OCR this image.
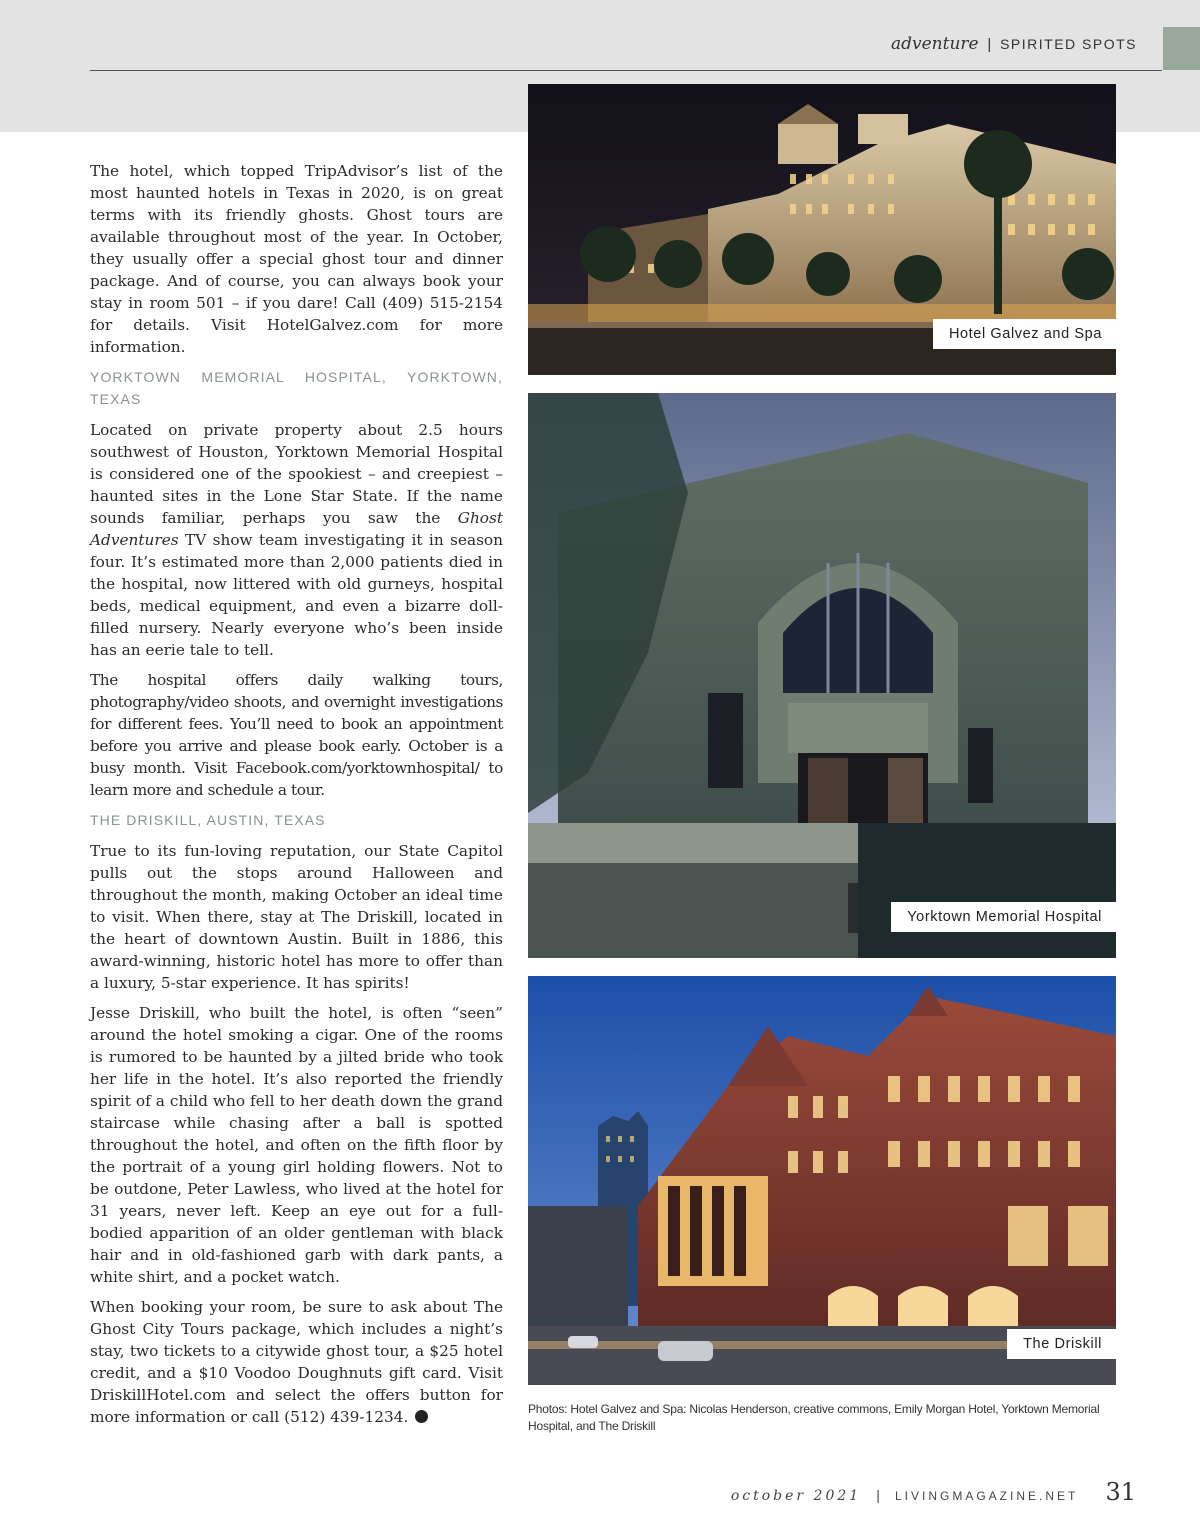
adventure | SPIRITED SPOTS

The hotel, which topped TripAdvisor’s list of the most haunted hotels in Texas in 2020, is on great terms with its friendly ghosts. Ghost tours are available throughout most of the year. In October, they usually offer a special ghost tour and dinner package. And of course, you can always book your stay in room 501 – if you dare! Call (409) 515-2154 for details. Visit HotelGalvez.com for more information.

YORKTOWN MEMORIAL HOSPITAL, YORKTOWN, TEXAS

Located on private property about 2.5 hours southwest of Houston, Yorktown Memorial Hospital is considered one of the spookiest – and creepiest – haunted sites in the Lone Star State. If the name sounds familiar, perhaps you saw the Ghost Adventures TV show team investigating it in season four. It’s estimated more than 2,000 patients died in the hospital, now littered with old gurneys, hospital beds, medical equipment, and even a bizarre doll-filled nursery. Nearly everyone who’s been inside has an eerie tale to tell.

The hospital offers daily walking tours, photography/video shoots, and overnight investigations for different fees. You’ll need to book an appointment before you arrive and please book early. October is a busy month. Visit Facebook.com/yorktownhospital/ to learn more and schedule a tour.

THE DRISKILL, AUSTIN, TEXAS

True to its fun-loving reputation, our State Capitol pulls out the stops around Halloween and throughout the month, making October an ideal time to visit. When there, stay at The Driskill, located in the heart of downtown Austin. Built in 1886, this award-winning, historic hotel has more to offer than a luxury, 5-star experience. It has spirits!

Jesse Driskill, who built the hotel, is often “seen” around the hotel smoking a cigar. One of the rooms is rumored to be haunted by a jilted bride who took her life in the hotel. It’s also reported the friendly spirit of a child who fell to her death down the grand staircase while chasing after a ball is spotted throughout the hotel, and often on the fifth floor by the portrait of a young girl holding flowers. Not to be outdone, Peter Lawless, who lived at the hotel for 31 years, never left. Keep an eye out for a full-bodied apparition of an older gentleman with black hair and in old-fashioned garb with dark pants, a white shirt, and a pocket watch.

When booking your room, be sure to ask about The Ghost City Tours package, which includes a night’s stay, two tickets to a citywide ghost tour, a $25 hotel credit, and a $10 Voodoo Doughnuts gift card. Visit DriskillHotel.com and select the offers button for more information or call (512) 439-1234.

Hotel Galvez and Spa
Yorktown Memorial Hospital
The Driskill
Photos: Hotel Galvez and Spa: Nicolas Henderson, creative commons, Emily Morgan Hotel, Yorktown Memorial Hospital, and The Driskill
october 2021 | LIVINGMAGAZINE.NET 31
